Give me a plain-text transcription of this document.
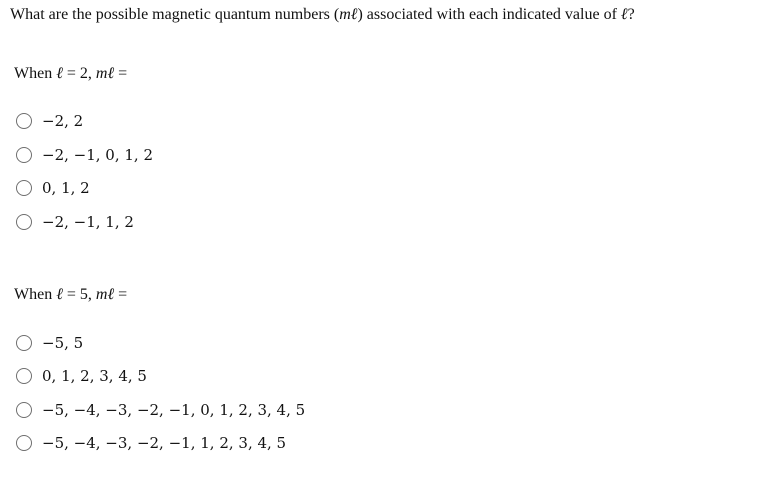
What are the possible magnetic quantum numbers (mℓ) associated with each indicated value of ℓ?
When ℓ = 2, mℓ =
−2, 2
−2, −1, 0, 1, 2
0, 1, 2
−2, −1, 1, 2
When ℓ = 5, mℓ =
−5, 5
0, 1, 2, 3, 4, 5
−5, −4, −3, −2, −1, 0, 1, 2, 3, 4, 5
−5, −4, −3, −2, −1, 1, 2, 3, 4, 5
